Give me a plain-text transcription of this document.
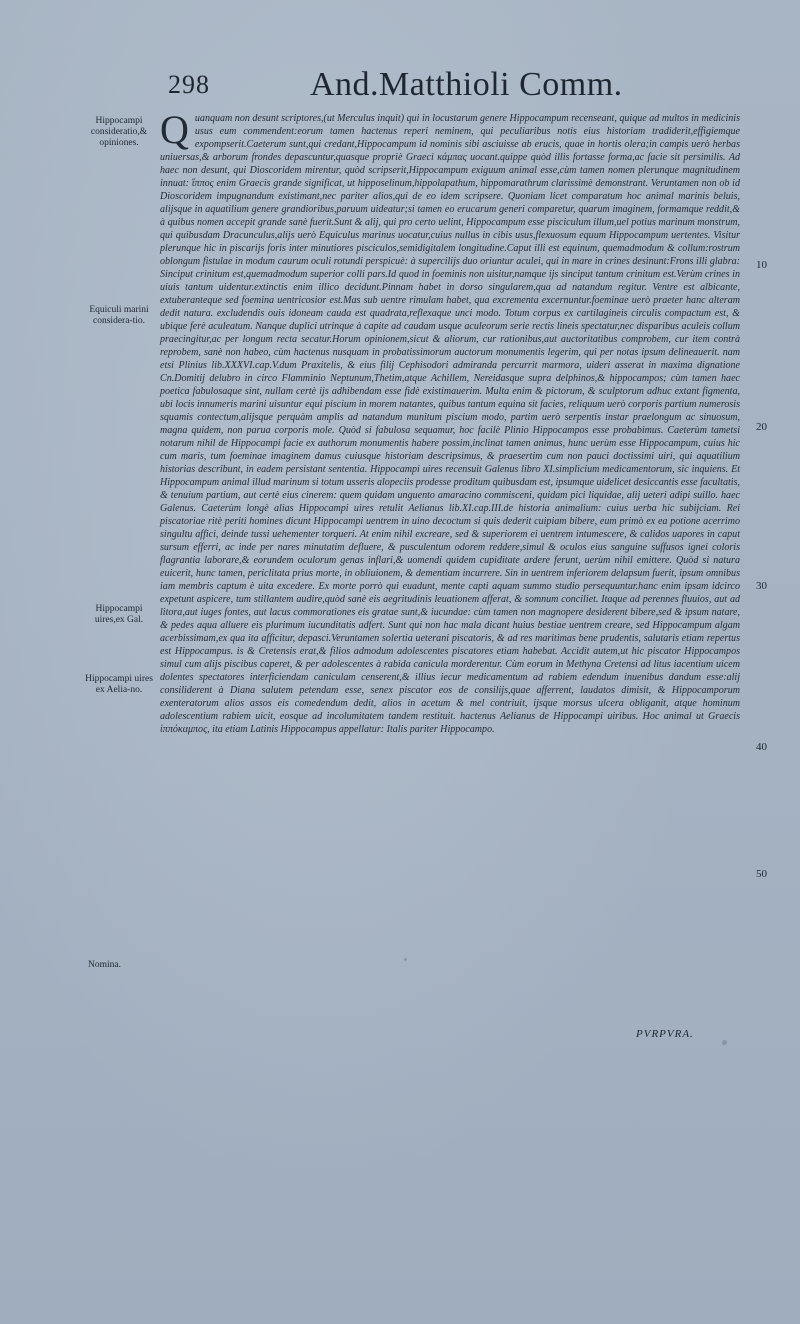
298	And.Matthioli Comm.
Hippocampi consideratio,& opiniones.
Equiculi marini considera-tio.
Hippocampi uires,ex Gal.
Hippocampi uires ex Aelia-no.
Nomina.
10
20
30
40
50
Q uanquam non desunt scriptores,(ut Merculus inquit) qui in locustarum genere Hippocampum recenseant, quique ad multos in medicinis usus eum commendent:eorum tamen hactenus reperi neminem, qui peculiaribus notis eius historiam tradiderit,effigiemque expompserit.Caeterum sunt,qui credant,Hippocampum id nominis sibi asciuisse ab erucis, quae in hortis olera;in campis uerò herbas uniuersas,& arborum frondes depascuntur,quasque propriè Graeci κάμπας uocant.quippe quòd illis fortasse forma,ac facie sit persimilis. Ad haec non desunt, qui Dioscoridem mirentur, quòd scripserit,Hippocampum exiguum animal esse,cùm tamen nomen plerunque magnitudinem innuat: ἵππος enim Graecis grande significat, ut hipposelinum,hippolapathum, hippomarathrum clarissimè demonstrant. Veruntamen non ob id Dioscoridem impugnandum existimant,nec pariter alios,qui de eo idem scripsere. Quoniam licet comparatum hoc animal marinis beluis, alijsque in aquatilium genere grandioribus,paruum uideatur;si tamen eo erucarum generi comparetur, quarum imaginem, formamque reddit,& à quibus nomen accepit grande sanè fuerit.Sunt & alij, qui pro certo uelint, Hippocampum esse pisciculum illum,uel potius marinum monstrum, qui quibusdam Dracunculus,alijs uerò Equiculus marinus uocatur,cuius nullus in cibis usus,flexuosum equum Hippocampum uertentes. Visitur plerunque hic in piscarijs foris inter minutiores pisciculos,semidigitalem longitudine.Caput illi est equinum, quemadmodum & collum:rostrum oblongum fistulae in modum caurum oculi rotundi perspicuè: à supercilijs duo oriuntur aculei, qui in mare in crines desinunt:Frons illi glabra: Sinciput crinitum est,quemadmodum superior colli pars.Id quod in foeminis non uisitur,namque ijs sinciput tantum crinitum est.Verùm crines in uiuis tantum uidentur.extinctis enim illico decidunt.Pinnam habet in dorso singularem,qua ad natandum regitur. Ventre est albicante, extuberanteque sed foemina uentricosior est.Mas sub uentre rimulam habet, qua excrementa excernuntur.foeminae uerò praeter hanc alteram dedit natura. excludendis ouis idoneam cauda est quadrata,reflexaque unci modo. Totum corpus ex cartilagineis circulis compactum est, & ubique ferè aculeatum. Nanque duplici utrinque à capite ad caudam usque aculeorum serie rectis lineis spectatur,nec disparibus aculeis collum praecingitur,ac per longum recta secatur.Horum opinionem,sicut & aliorum, cur rationibus,aut auctoritatibus comprobem, cur item contrà reprobem, sanè non habeo, cùm hactenus nusquam in probatissimorum auctorum monumentis legerim, qui per notas ipsum delineauerit. nam etsi Plinius lib.XXXVI.cap.V.dum Praxitelis, & eius filij Cephisodori admiranda percurrit marmora, uideri asserat in maxima dignatione Cn.Domitij delubro in circo Flamminio Neptunum,Thetim,atque Achillem, Nereidasque supra delphinos,& hippocampos; cùm tamen haec poetica fabulosaque sint, nullam certè ijs adhibendam esse fidè existimauerim. Multa enim & pictorum, & sculptorum adhuc extant figmenta, ubi locis innumeris marini uisuntur equi piscium in morem natantes, quibus tantum equina sit facies, reliquum uerò corporis partium numerosis squamis contectum,alijsque perquàm amplis ad natandum munitum piscium modo, partim uerò serpentis instar praelongum ac sinuosum, magna quidem, non parua corporis mole. Quòd si fabulosa sequamur, hoc facilè Plinio Hippocampos esse probabimus. Caeterùm tametsi notarum nihil de Hippocampi facie ex authorum monumentis habere possim,inclinat tamen animus, hunc uerùm esse Hippocampum, cuius hic cum maris, tum foeminae imaginem damus cuiusque historiam descripsimus, & praesertim cum non pauci doctissimi uiri, qui aquatilium historias describunt, in eadem persistant sententia. Hippocampi uires recensuit Galenus libro XI.simplicium medicamentorum, sic inquiens. Et Hippocampum animal illud marinum si totum usseris alopeciis prodesse proditum quibusdam est, ipsumque uidelicet desiccantis esse facultatis, & tenuium partium, aut certè eius cinerem: quem quidam unguento amaracino commisceni, quidam pici liquidae, alij ueteri adipi suillo. haec Galenus. Caeterùm longè alias Hippocampi uires retulit Aelianus lib.XI.cap.III.de historia animalium: cuius uerba hic subijciam. Rei piscatoriae ritè periti homines dicunt Hippocampi uentrem in uino decoctum si quis dederit cuipiam bibere, eum primò ex ea potione acerrimo singultu affici, deinde tussi uehementer torqueri. At enim nihil excreare, sed & superiorem ei uentrem intumescere, & calidos uapores in caput sursum efferri, ac inde per nares minutatim defluere, & pusculentum odorem reddere,simul & oculos eius sanguine suffusos ignei coloris flagrantia laborare,& eorundem oculorum genas inflari,& uomendi quidem cupiditate ardere ferunt, uerùm nihil emittere. Quòd si natura euicerit, hunc tamen, periclitata prius morte, in obliuionem, & dementiam incurrere. Sin in uentrem inferiorem delapsum fuerit, ipsum omnibus iam membris captum è uita excedere. Ex morte porrò qui euadunt, mente capti aquam summo studio persequuntur.hanc enim ipsam idcirco expetunt aspicere, tum stillantem audire,quòd sanè eis aegritudinis leuationem afferat, & somnum conciliet. Itaque ad perennes fluuios, aut ad litora,aut iuges fontes, aut lacus commorationes eis gratae sunt,& iucundae: cùm tamen non magnopere desiderent bibere,sed & ipsum natare, & pedes aqua alluere eis plurimum iucunditatis adfert. Sunt qui non hac mala dicant huius bestiae uentrem creare, sed Hippocampum algam acerbissimam,ex qua ita afficitur, depasci.Veruntamen solertia ueterani piscatoris, & ad res maritimas bene prudentis, salutaris etiam repertus est Hippocampus. is & Cretensis erat,& filios admodum adolescentes piscatores etiam habebat. Accidit autem,ut hic piscator Hippocampos simul cum alijs piscibus caperet, & per adolescentes à rabida canicula morderentur. Cùm eorum in Methyna Cretensi ad litus iacentium uicem dolentes spectatores interficiendam caniculam censerent,& illius iecur medicamentum ad rabiem edendum inuenibus dandum esse:alij consiliderent à Diana salutem petendam esse, senex piscator eos de consilijs,quae afferrent, laudatos dimisit, & Hippocamporum exenteratorum alios assos eis comedendum dedit, alios in acetum & mel contriuit, ijsque morsus ulcera obliganit, atque hominum adolescentium rabiem uicit, eosque ad incolumitatem tandem restituit. hactenus Aelianus de Hippocampi uiribus. Hoc animal ut Graecis ἱππόκαμπος, ita etiam Latinis Hippocampus appellatur: Italis pariter Hippocampo.

PVRPVRA.
